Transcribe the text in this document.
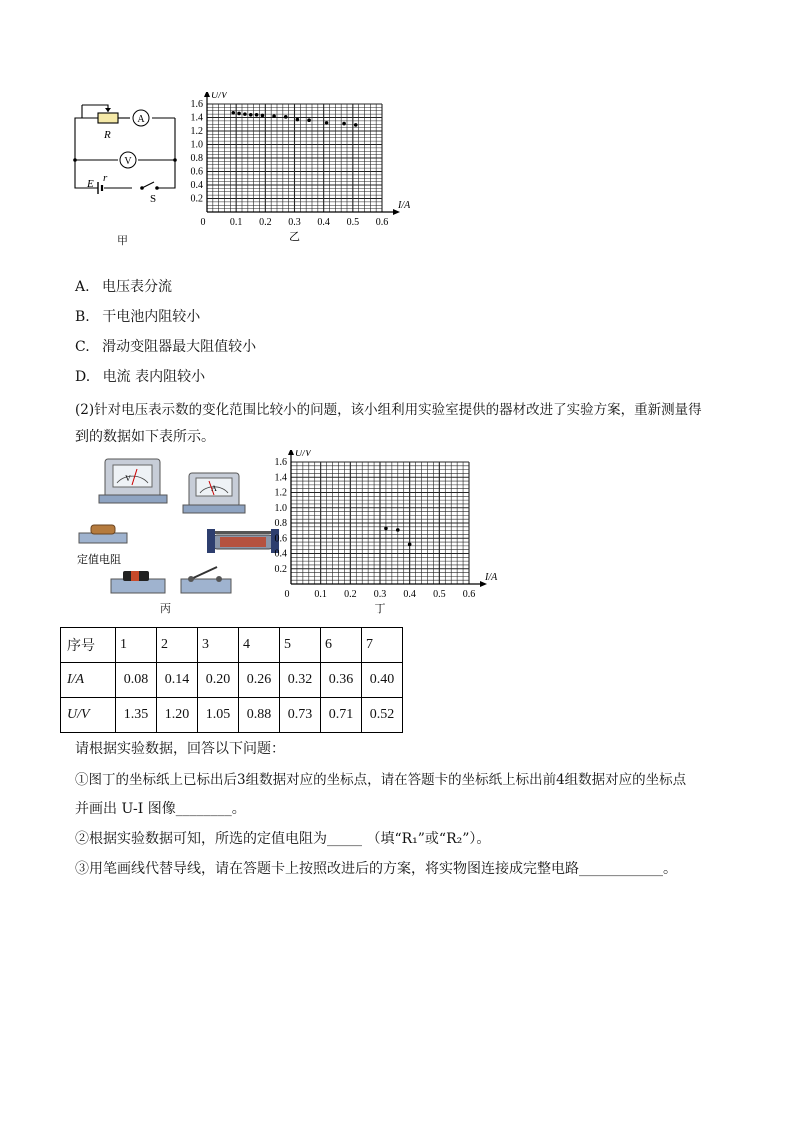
A
V
R
E r
S
甲
0.2
0.4
0.6
0.8
1.0
1.2
1.4
1.6
0.1 0.2 0.3 0.4 0.5 0.6
0
U/V
I/A
乙
A. 电压表分流
B. 干电池内阻较小
C. 滑动变阻器最大阻值较小
D. 电流 表内阻较小
(2)针对电压表示数的变化范围比较小的问题，该小组利用实验室提供的器材改进了实验方案，重新测量得
到的数据如下表所示。
V
A
定值电阻
丙
0.2
0.4
0.6
0.8
1.0
1.2
1.4
1.6
0.1 0.2 0.3 0.4 0.5 0.6
0
U/V
I/A
丁
序号	1	2	3	4	5	6	7
I/A	0.08	0.14	0.20	0.26	0.32	0.36	0.40
U/V	1.35	1.20	1.05	0.88	0.73	0.71	0.52
请根据实验数据，回答以下问题：
①图丁的坐标纸上已标出后3组数据对应的坐标点，请在答题卡的坐标纸上标出前4组数据对应的坐标点
并画出 U-I 图像________。
②根据实验数据可知，所选的定值电阻为_____ （填“R₁”或“R₂”）。
③用笔画线代替导线，请在答题卡上按照改进后的方案，将实物图连接成完整电路____________。
